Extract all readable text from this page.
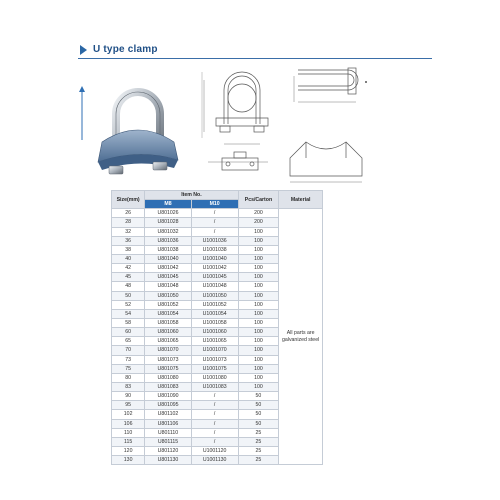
U type clamp
Size(mm)	Item No.		Pcs/Carton	Material
	M8	M10		
26	U801026	/	200	All parts are galvanized steel
28	U801028	/	200	
32	U801032	/	100	
36	U801036	U1001036	100	
38	U801038	U1001038	100	
40	U801040	U1001040	100	
42	U801042	U1001042	100	
45	U801045	U1001045	100	
48	U801048	U1001048	100	
50	U801050	U1001050	100	
52	U801052	U1001052	100	
54	U801054	U1001054	100	
58	U801058	U1001058	100	
60	U801060	U1001060	100	
65	U801065	U1001065	100	
70	U801070	U1001070	100	
73	U801073	U1001073	100	
75	U801075	U1001075	100	
80	U801080	U1001080	100	
83	U801083	U1001083	100	
90	U801090	/	50	
95	U801095	/	50	
102	U801102	/	50	
106	U801106	/	50	
110	U801110	/	25	
115	U801115	/	25	
120	U801120	U1001120	25	
130	U801130	U1001130	25	
